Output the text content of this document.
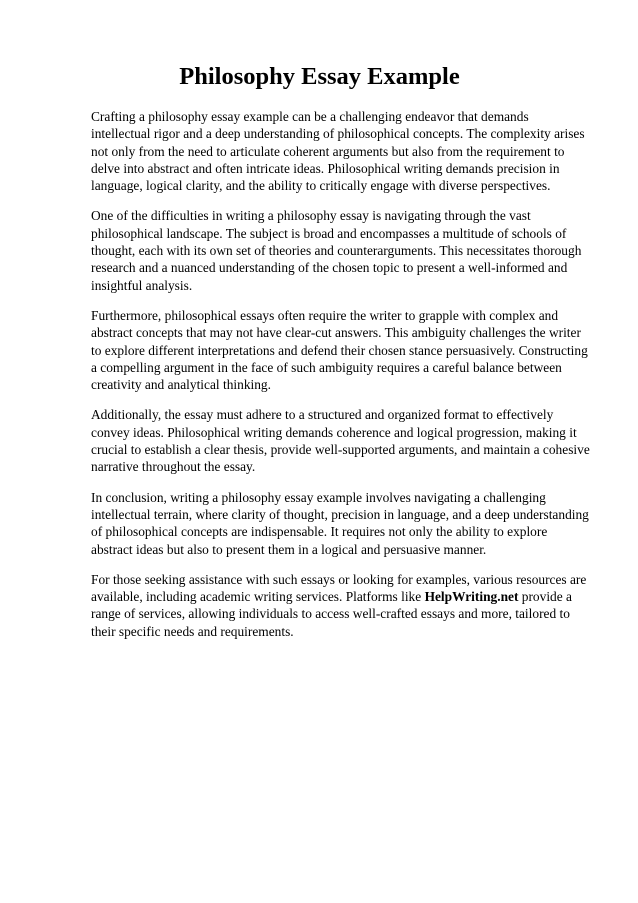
Philosophy Essay Example

Crafting a philosophy essay example can be a challenging endeavor that demands intellectual rigor and a deep understanding of philosophical concepts. The complexity arises not only from the need to articulate coherent arguments but also from the requirement to delve into abstract and often intricate ideas. Philosophical writing demands precision in language, logical clarity, and the ability to critically engage with diverse perspectives.

One of the difficulties in writing a philosophy essay is navigating through the vast philosophical landscape. The subject is broad and encompasses a multitude of schools of thought, each with its own set of theories and counterarguments. This necessitates thorough research and a nuanced understanding of the chosen topic to present a well-informed and insightful analysis.

Furthermore, philosophical essays often require the writer to grapple with complex and abstract concepts that may not have clear-cut answers. This ambiguity challenges the writer to explore different interpretations and defend their chosen stance persuasively. Constructing a compelling argument in the face of such ambiguity requires a careful balance between creativity and analytical thinking.

Additionally, the essay must adhere to a structured and organized format to effectively convey ideas. Philosophical writing demands coherence and logical progression, making it crucial to establish a clear thesis, provide well-supported arguments, and maintain a cohesive narrative throughout the essay.

In conclusion, writing a philosophy essay example involves navigating a challenging intellectual terrain, where clarity of thought, precision in language, and a deep understanding of philosophical concepts are indispensable. It requires not only the ability to explore abstract ideas but also to present them in a logical and persuasive manner.

For those seeking assistance with such essays or looking for examples, various resources are available, including academic writing services. Platforms like HelpWriting.net provide a range of services, allowing individuals to access well-crafted essays and more, tailored to their specific needs and requirements.
